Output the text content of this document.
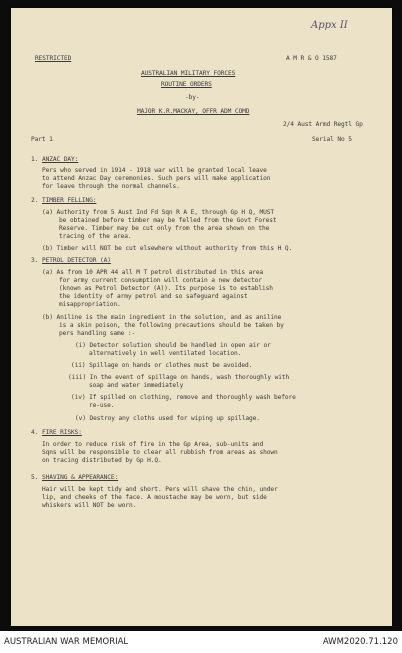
Appx II
RESTRICTED	A M R & O 1587
AUSTRALIAN MILITARY FORCES
ROUTINE ORDERS
-by-
MAJOR K.R.MACKAY, OFFR ADM COMD
2/4 Aust Armd Regtl Gp
Part 1	Serial No 5
1. ANZAC DAY:
Pers who served in 1914 - 1918 war will be granted local leave
to attend Anzac Day ceremonies. Such pers will make application
for leave through the normal channels.
2. TIMBER FELLING:
(a) Authority from 5 Aust Ind Fd Sqn R A E, through Gp H Q, MUST
be obtained before timber may be felled from the Govt Forest
Reserve. Timber may be cut only from the area shown on the
tracing of the area.
(b) Timber will NOT be cut elsewhere without authority from this H Q.
3. PETROL DETECTOR (A)
(a) As from 10 APR 44 all M T petrol distributed in this area
for army current consumption will contain a new detector
(known as Petrol Detector (A)). Its purpose is to establish
the identity of army petrol and so safeguard against
misappropriation.
(b) Aniline is the main ingredient in the solution, and as aniline
is a skin poison, the following precautions should be taken by
pers handling same :-
(i) Detector solution should be handled in open air or
alternatively in well ventilated location.
(ii) Spillage on hands or clothes must be avoided.
(iii) In the event of spillage on hands, wash thoroughly with
soap and water immediately
(iv) If spilled on clothing, remove and thoroughly wash before
re-use.
(v) Destroy any cloths used for wiping up spillage.
4. FIRE RISKS:
In order to reduce risk of fire in the Gp Area, sub-units and
Sqns will be responsible to clear all rubbish from areas as shown
on tracing distributed by Gp H.Q.
5. SHAVING & APPEARANCE:
Hair will be kept tidy and short. Pers will shave the chin, under
lip, and cheeks of the face. A moustache may be worn, but side
whiskers will NOT be worn.
AUSTRALIAN WAR MEMORIAL	AWM2020.71.120
